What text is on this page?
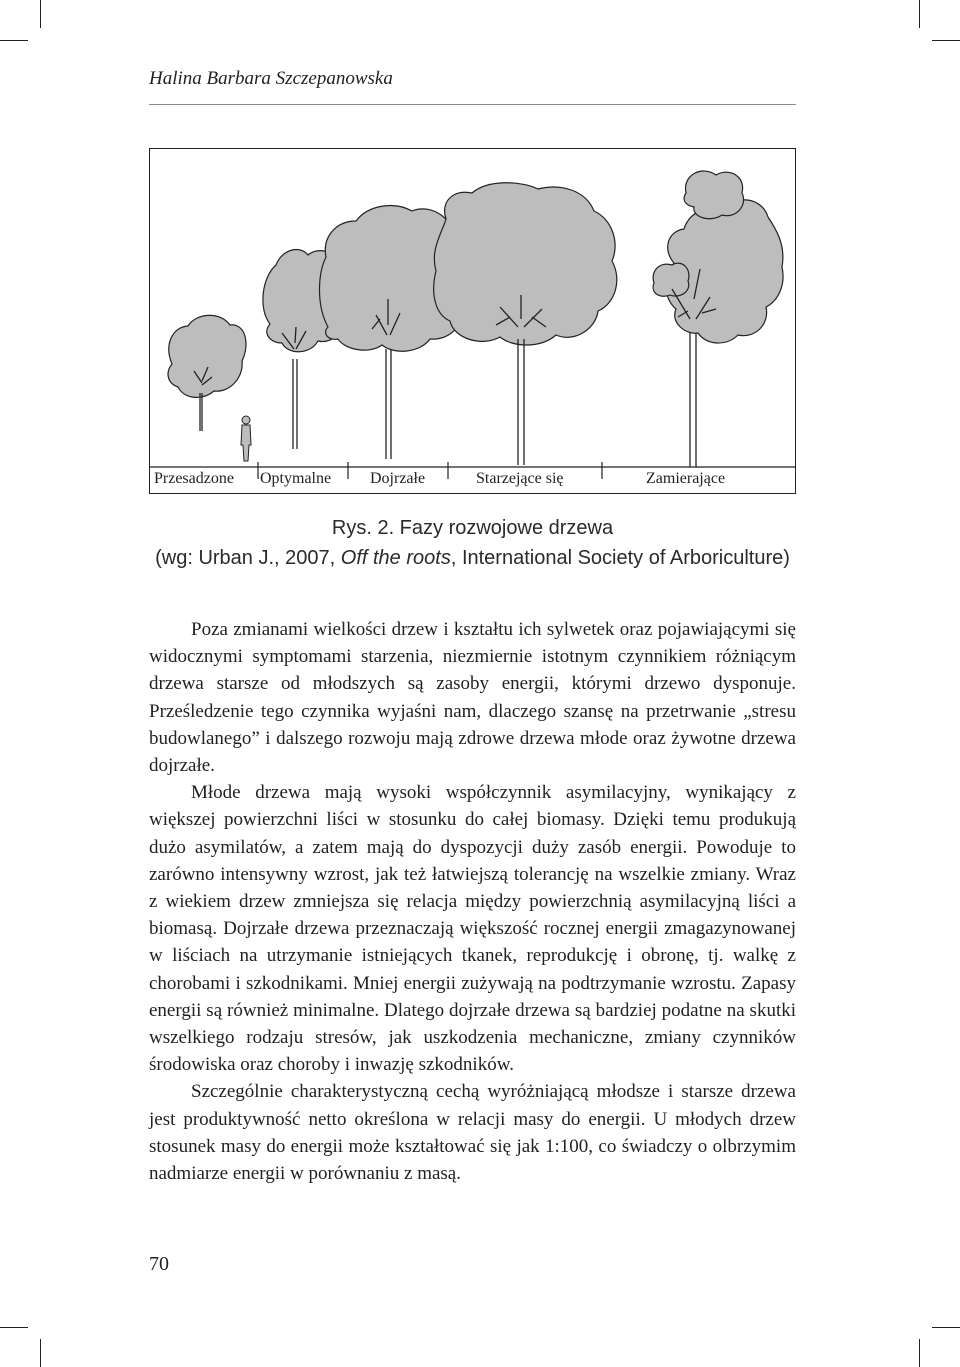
Halina Barbara Szczepanowska
Przesadzone Optymalne Dojrzałe	Starzejące się	Zamierające
Rys. 2. Fazy rozwojowe drzewa
(wg: Urban J., 2007, Off the roots, International Society of Arboriculture)

Poza zmianami wielkości drzew i kształtu ich sylwetek oraz pojawiającymi się widocznymi symptomami starzenia, niezmiernie istotnym czynnikiem różniącym drzewa starsze od młodszych są zasoby energii, którymi drzewo dysponuje. Prześledzenie tego czynnika wyjaśni nam, dlaczego szansę na przetrwanie „stresu budowlanego” i dalszego rozwoju mają zdrowe drzewa młode oraz żywotne drzewa dojrzałe.

Młode drzewa mają wysoki współczynnik asymilacyjny, wynikający z większej powierzchni liści w stosunku do całej biomasy. Dzięki temu produkują dużo asymilatów, a zatem mają do dyspozycji duży zasób energii. Powoduje to zarówno intensywny wzrost, jak też łatwiejszą tolerancję na wszelkie zmiany. Wraz z wiekiem drzew zmniejsza się relacja między powierzchnią asymilacyjną liści a biomasą. Dojrzałe drzewa przeznaczają większość rocznej energii zmagazynowanej w liściach na utrzymanie istniejących tkanek, reprodukcję i obronę, tj. walkę z chorobami i szkodnikami. Mniej energii zużywają na podtrzymanie wzrostu. Zapasy energii są również minimalne. Dlatego dojrzałe drzewa są bardziej podatne na skutki wszelkiego rodzaju stresów, jak uszkodzenia mechaniczne, zmiany czynników środowiska oraz choroby i inwazję szkodników.

Szczególnie charakterystyczną cechą wyróżniającą młodsze i starsze drzewa jest produktywność netto określona w relacji masy do energii. U młodych drzew stosunek masy do energii może kształtować się jak 1:100, co świadczy o olbrzymim nadmiarze energii w porównaniu z masą.

70
